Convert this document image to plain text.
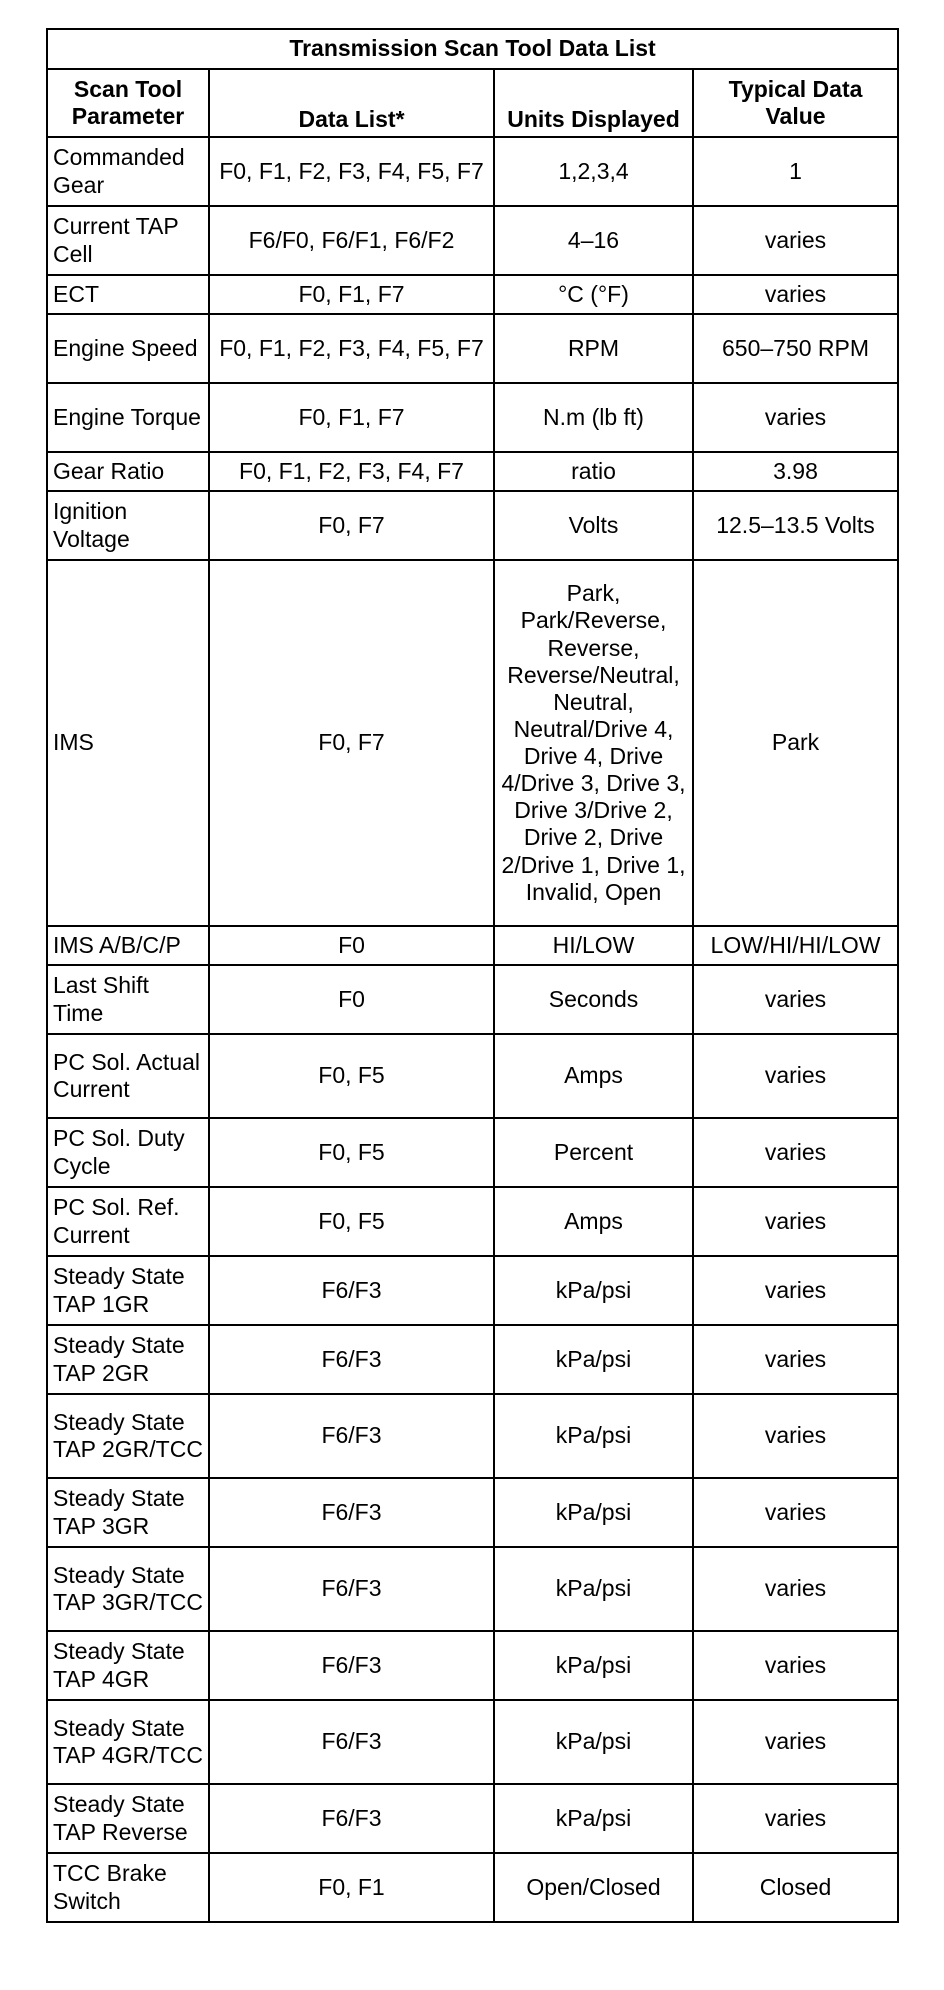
Transmission Scan Tool Data List			
Scan Tool Parameter	Data List*	Units Displayed	Typical Data Value
Commanded Gear	F0, F1, F2, F3, F4, F5, F7	1,2,3,4	1
Current TAP Cell	F6/F0, F6/F1, F6/F2	4–16	varies
ECT	F0, F1, F7	°C (°F)	varies
Engine Speed	F0, F1, F2, F3, F4, F5, F7	RPM	650–750 RPM
Engine Torque	F0, F1, F7	N.m (lb ft)	varies
Gear Ratio	F0, F1, F2, F3, F4, F7	ratio	3.98
Ignition Voltage	F0, F7	Volts	12.5–13.5 Volts
IMS	F0, F7	Park, Park/Reverse, Reverse, Reverse/Neutral, Neutral, Neutral/Drive 4, Drive 4, Drive 4/Drive 3, Drive 3, Drive 3/Drive 2, Drive 2, Drive 2/Drive 1, Drive 1, Invalid, Open	Park
IMS A/B/C/P	F0	HI/LOW	LOW/HI/HI/LOW
Last Shift Time	F0	Seconds	varies
PC Sol. Actual Current	F0, F5	Amps	varies
PC Sol. Duty Cycle	F0, F5	Percent	varies
PC Sol. Ref. Current	F0, F5	Amps	varies
Steady State TAP 1GR	F6/F3	kPa/psi	varies
Steady State TAP 2GR	F6/F3	kPa/psi	varies
Steady State TAP 2GR/TCC	F6/F3	kPa/psi	varies
Steady State TAP 3GR	F6/F3	kPa/psi	varies
Steady State TAP 3GR/TCC	F6/F3	kPa/psi	varies
Steady State TAP 4GR	F6/F3	kPa/psi	varies
Steady State TAP 4GR/TCC	F6/F3	kPa/psi	varies
Steady State TAP Reverse	F6/F3	kPa/psi	varies
TCC Brake Switch	F0, F1	Open/Closed	Closed
